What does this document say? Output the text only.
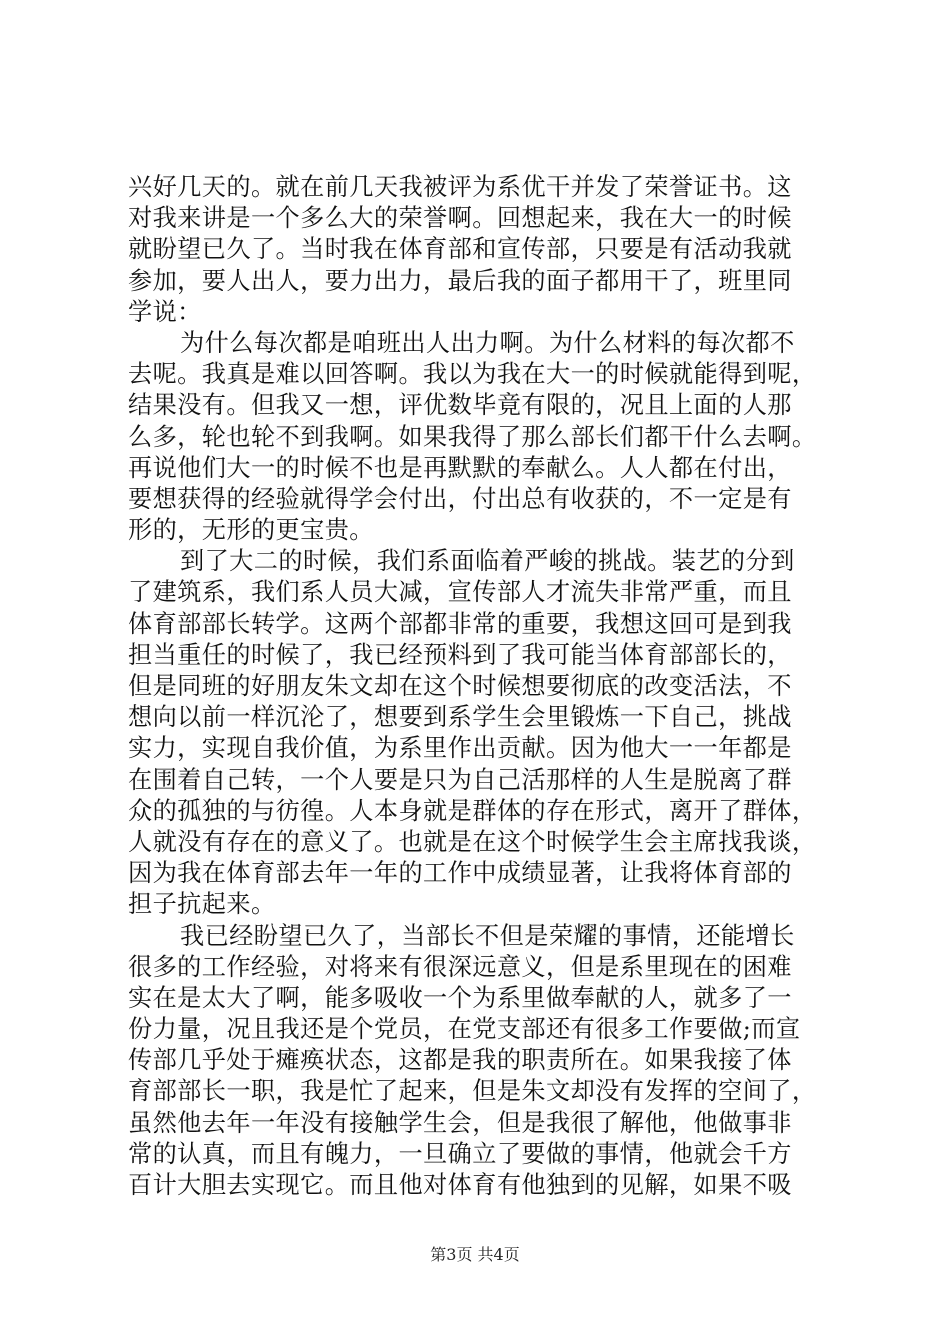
兴好几天的。就在前几天我被评为系优干并发了荣誉证书。这
对我来讲是一个多么大的荣誉啊。回想起来，我在大一的时候
就盼望已久了。当时我在体育部和宣传部，只要是有活动我就
参加，要人出人，要力出力，最后我的面子都用干了，班里同
学说：
为什么每次都是咱班出人出力啊。为什么材料的每次都不
去呢。我真是难以回答啊。我以为我在大一的时候就能得到呢，
结果没有。但我又一想，评优数毕竟有限的，况且上面的人那
么多，轮也轮不到我啊。如果我得了那么部长们都干什么去啊。
再说他们大一的时候不也是再默默的奉献么。人人都在付出，
要想获得的经验就得学会付出，付出总有收获的，不一定是有
形的，无形的更宝贵。
到了大二的时候，我们系面临着严峻的挑战。装艺的分到
了建筑系，我们系人员大减，宣传部人才流失非常严重，而且
体育部部长转学。这两个部都非常的重要，我想这回可是到我
担当重任的时候了，我已经预料到了我可能当体育部部长的，
但是同班的好朋友朱文却在这个时候想要彻底的改变活法，不
想向以前一样沉沦了，想要到系学生会里锻炼一下自己，挑战
实力，实现自我价值，为系里作出贡献。因为他大一一年都是
在围着自己转，一个人要是只为自己活那样的人生是脱离了群
众的孤独的与彷徨。人本身就是群体的存在形式，离开了群体，
人就没有存在的意义了。也就是在这个时候学生会主席找我谈，
因为我在体育部去年一年的工作中成绩显著，让我将体育部的
担子抗起来。
我已经盼望已久了，当部长不但是荣耀的事情，还能增长
很多的工作经验，对将来有很深远意义，但是系里现在的困难
实在是太大了啊，能多吸收一个为系里做奉献的人，就多了一
份力量，况且我还是个党员，在党支部还有很多工作要做;而宣
传部几乎处于瘫痪状态，这都是我的职责所在。如果我接了体
育部部长一职，我是忙了起来，但是朱文却没有发挥的空间了，
虽然他去年一年没有接触学生会，但是我很了解他，他做事非
常的认真，而且有魄力，一旦确立了要做的事情，他就会千方
百计大胆去实现它。而且他对体育有他独到的见解，如果不吸
第3页 共4页
